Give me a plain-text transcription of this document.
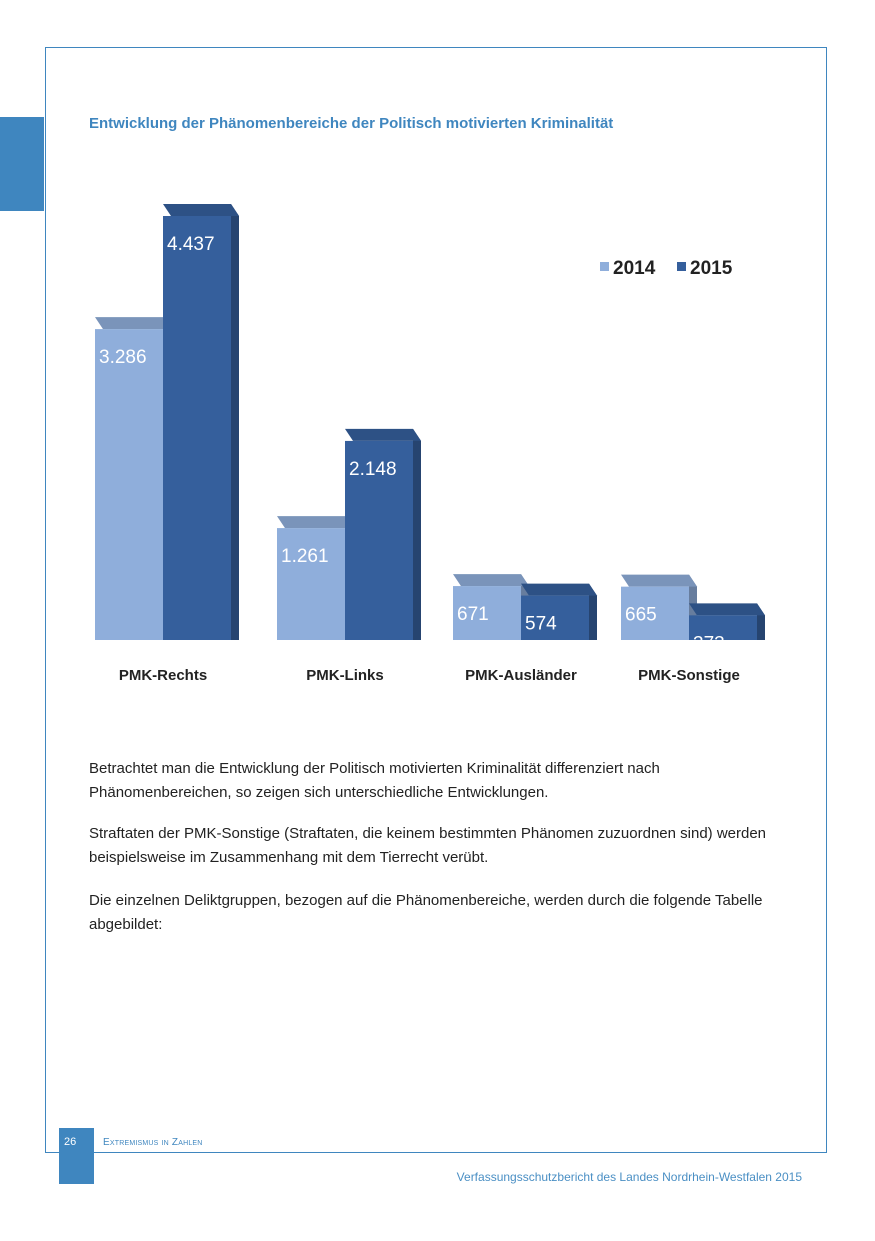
Entwicklung der Phänomenbereiche der Politisch motivierten Kriminalität
3.286
4.437
PMK-Rechts
1.261
2.148
PMK-Links
671 574
PMK-Ausländer
665
373
PMK-Sonstige
2014 2015

Betrachtet man die Entwicklung der Politisch motivierten Kriminalität differenziert nach Phänomenbereichen, so zeigen sich unterschiedliche Entwicklungen.

Straftaten der PMK-Sonstige (Straftaten, die keinem bestimmten Phänomen zuzuordnen sind) werden beispielsweise im Zusammenhang mit dem Tierrecht verübt.

Die einzelnen Deliktgruppen, bezogen auf die Phänomenbereiche, werden durch die folgende Tabelle abgebildet:

26	Extremismus in Zahlen
Verfassungsschutzbericht des Landes Nordrhein-Westfalen 2015
